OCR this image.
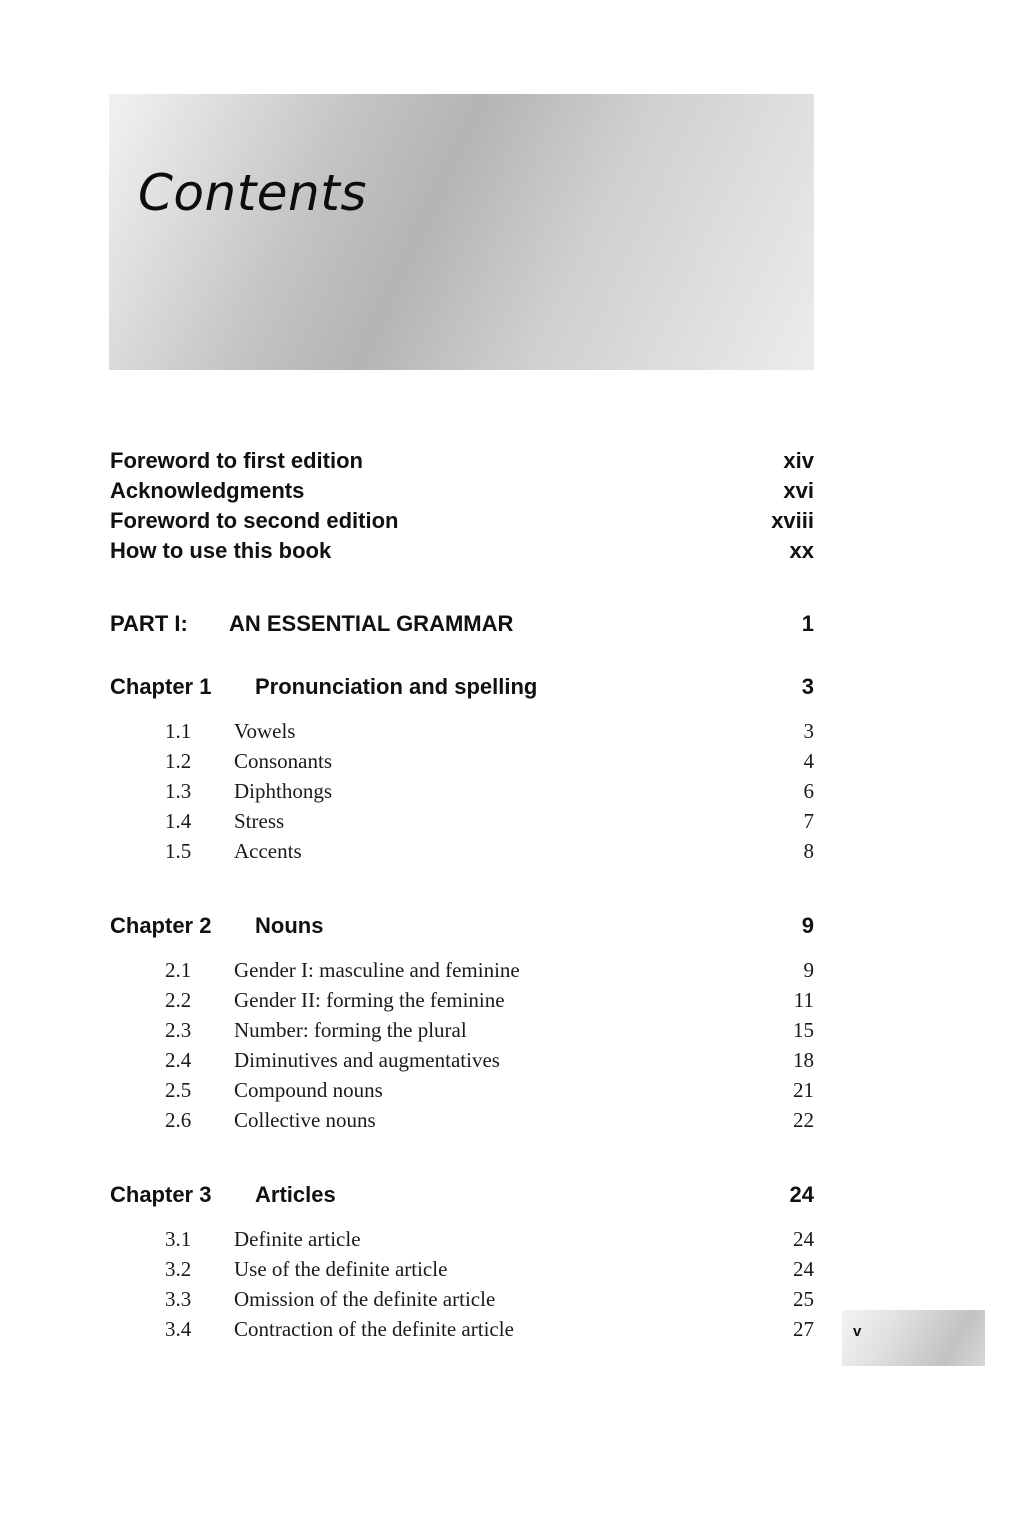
Contents
Foreword to first edition	xiv
Acknowledgments	xvi
Foreword to second edition	xviii
How to use this book	xx
PART I: AN ESSENTIAL GRAMMAR	1
Chapter 1 Pronunciation and spelling	3
1.1 Vowels	3
1.2 Consonants	4
1.3 Diphthongs	6
1.4 Stress	7
1.5 Accents	8
Chapter 2 Nouns	9
2.1 Gender I: masculine and feminine	9
2.2 Gender II: forming the feminine	11
2.3 Number: forming the plural	15
2.4 Diminutives and augmentatives	18
2.5 Compound nouns	21
2.6 Collective nouns	22
Chapter 3 Articles	24
3.1 Definite article	24
3.2 Use of the definite article	24
3.3 Omission of the definite article	25
3.4 Contraction of the definite article	27	v
